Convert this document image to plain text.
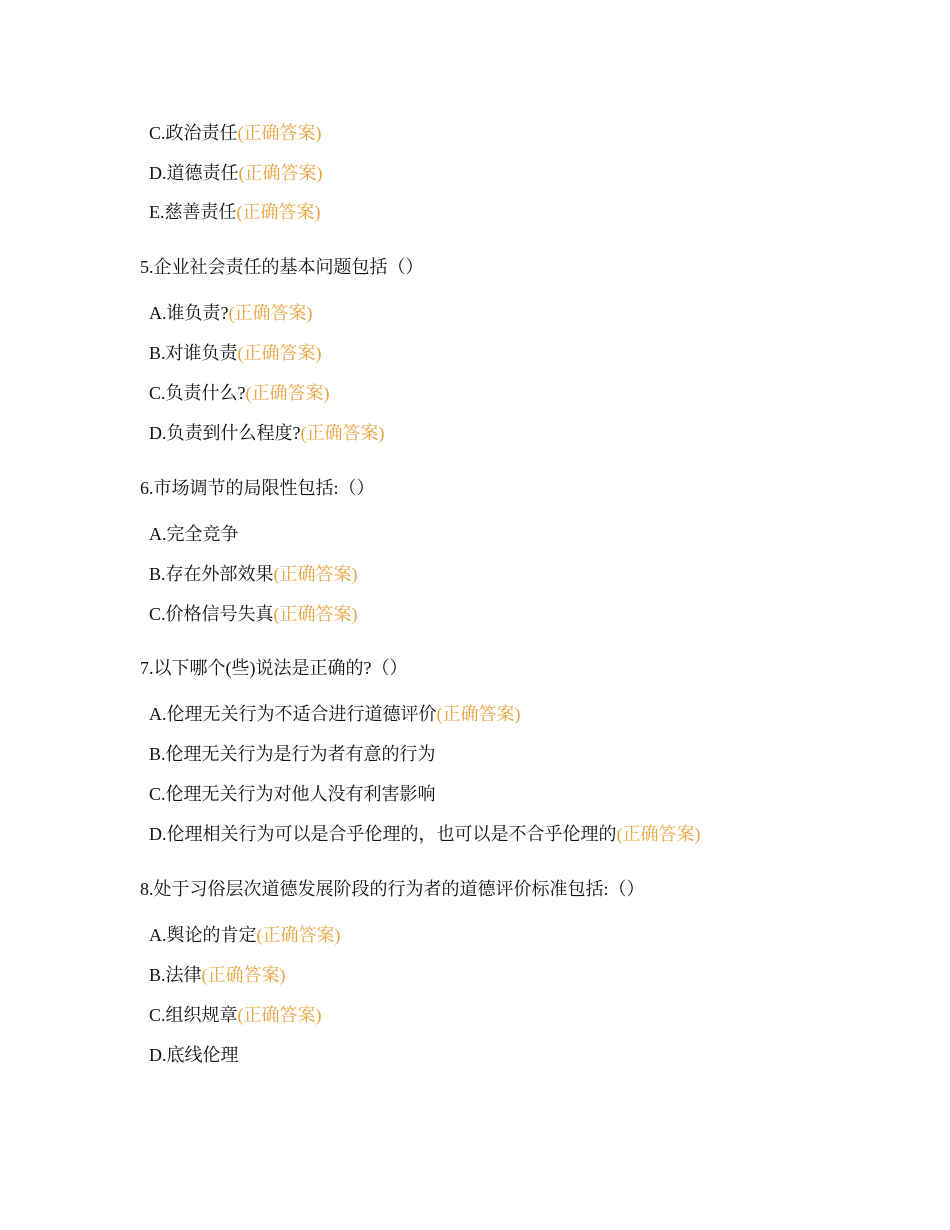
C.政治责任(正确答案)
D.道德责任(正确答案)
E.慈善责任(正确答案)
5.企业社会责任的基本问题包括（）
A.谁负责?(正确答案)
B.对谁负责(正确答案)
C.负责什么?(正确答案)
D.负责到什么程度?(正确答案)
6.市场调节的局限性包括:（）
A.完全竞争
B.存在外部效果(正确答案)
C.价格信号失真(正确答案)
7.以下哪个(些)说法是正确的?（）
A.伦理无关行为不适合进行道德评价(正确答案)
B.伦理无关行为是行为者有意的行为
C.伦理无关行为对他人没有利害影响
D.伦理相关行为可以是合乎伦理的，也可以是不合乎伦理的(正确答案)
8.处于习俗层次道德发展阶段的行为者的道德评价标准包括:（）
A.舆论的肯定(正确答案)
B.法律(正确答案)
C.组织规章(正确答案)
D.底线伦理
